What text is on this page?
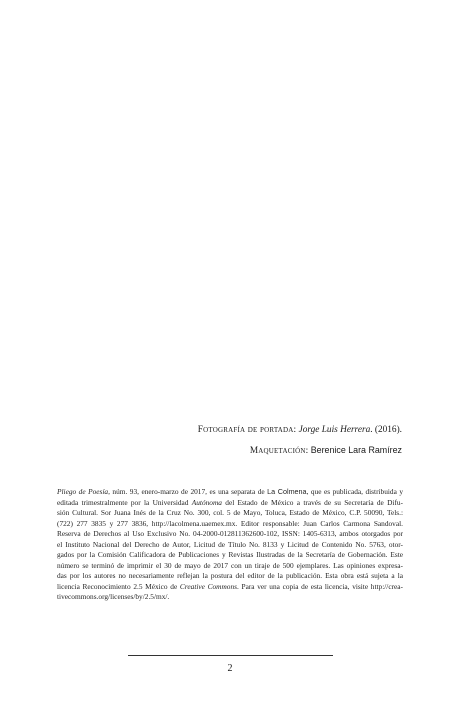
Fotografía de portada: Jorge Luis Herrera. (2016).
Maquetación: Berenice Lara Ramírez
Pliego de Poesía, núm. 93, enero-marzo de 2017, es una separata de La Colmena, que es publicada, distribuida y
editada trimestralmente por la Universidad Autónoma del Estado de México a través de su Secretaría de Difu-
sión Cultural. Sor Juana Inés de la Cruz No. 300, col. 5 de Mayo, Toluca, Estado de México, C.P. 50090, Tels.:
(722) 277 3835 y 277 3836, http://lacolmena.uaemex.mx. Editor responsable: Juan Carlos Carmona Sandoval.
Reserva de Derechos al Uso Exclusivo No. 04-2000-012811362600-102, ISSN: 1405-6313, ambos otorgados por
el Instituto Nacional del Derecho de Autor, Licitud de Título No. 8133 y Licitud de Contenido No. 5763, otor-
gados por la Comisión Calificadora de Publicaciones y Revistas Ilustradas de la Secretaría de Gobernación. Este
número se terminó de imprimir el 30 de mayo de 2017 con un tiraje de 500 ejemplares. Las opiniones expresa-
das por los autores no necesariamente reflejan la postura del editor de la publicación. Esta obra está sujeta a la
licencia Reconocimiento 2.5 México de Creative Commons. Para ver una copia de esta licencia, visite http://crea-
tivecommons.org/licenses/by/2.5/mx/.
2
